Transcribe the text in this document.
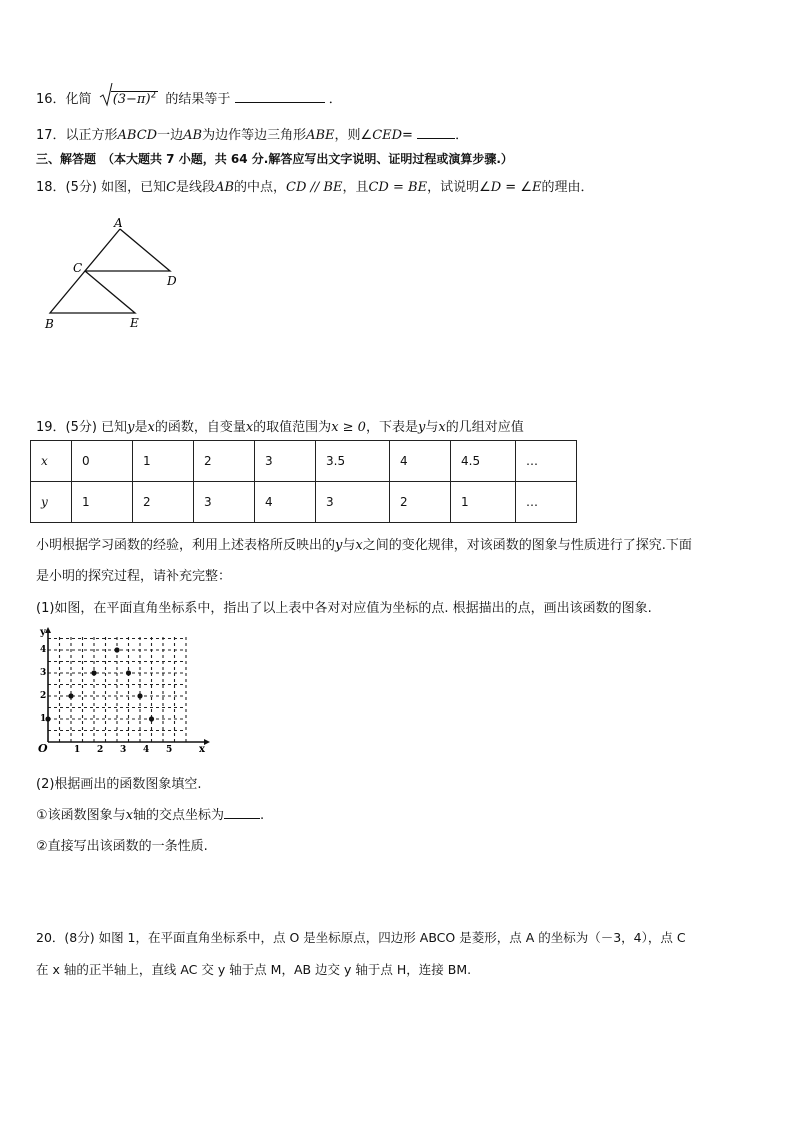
16．化简 $(3-\pi)^2$ 的结果等于	．
17．以正方形ABCD一边AB为边作等边三角形ABE，则∠CED=	．
三、解答题　（本大题共 7 小题，共 64 分.解答应写出文字说明、证明过程或演算步骤.）
18．(5分) 如图，已知C是线段AB的中点，CD // BE，且CD = BE，试说明∠D = ∠E的理由．
A
C
D
B	E
19．(5分) 已知y是x的函数，自变量x的取值范围为x ≥ 0，下表是y与x的几组对应值
x	0	1	2	3	3.5	4	4.5	…
y	1	2	3	4	3	2	1	…
小明根据学习函数的经验，利用上述表格所反映出的y与x之间的变化规律，对该函数的图象与性质进行了探究.下面
是小明的探究过程，请补充完整：
(1)如图，在平面直角坐标系中，指出了以上表中各对对应值为坐标的点. 根据描出的点，画出该函数的图象.
y
x
O
1
2
3
4
1 2 3 4 5
(2)根据画出的函数图象填空.
①该函数图象与x轴的交点坐标为	.
②直接写出该函数的一条性质.
20．(8分) 如图 1，在平面直角坐标系中，点 O 是坐标原点，四边形 ABCO 是菱形，点 A 的坐标为（－3，4），点 C
在 x 轴的正半轴上，直线 AC 交 y 轴于点 M，AB 边交 y 轴于点 H，连接 BM.
